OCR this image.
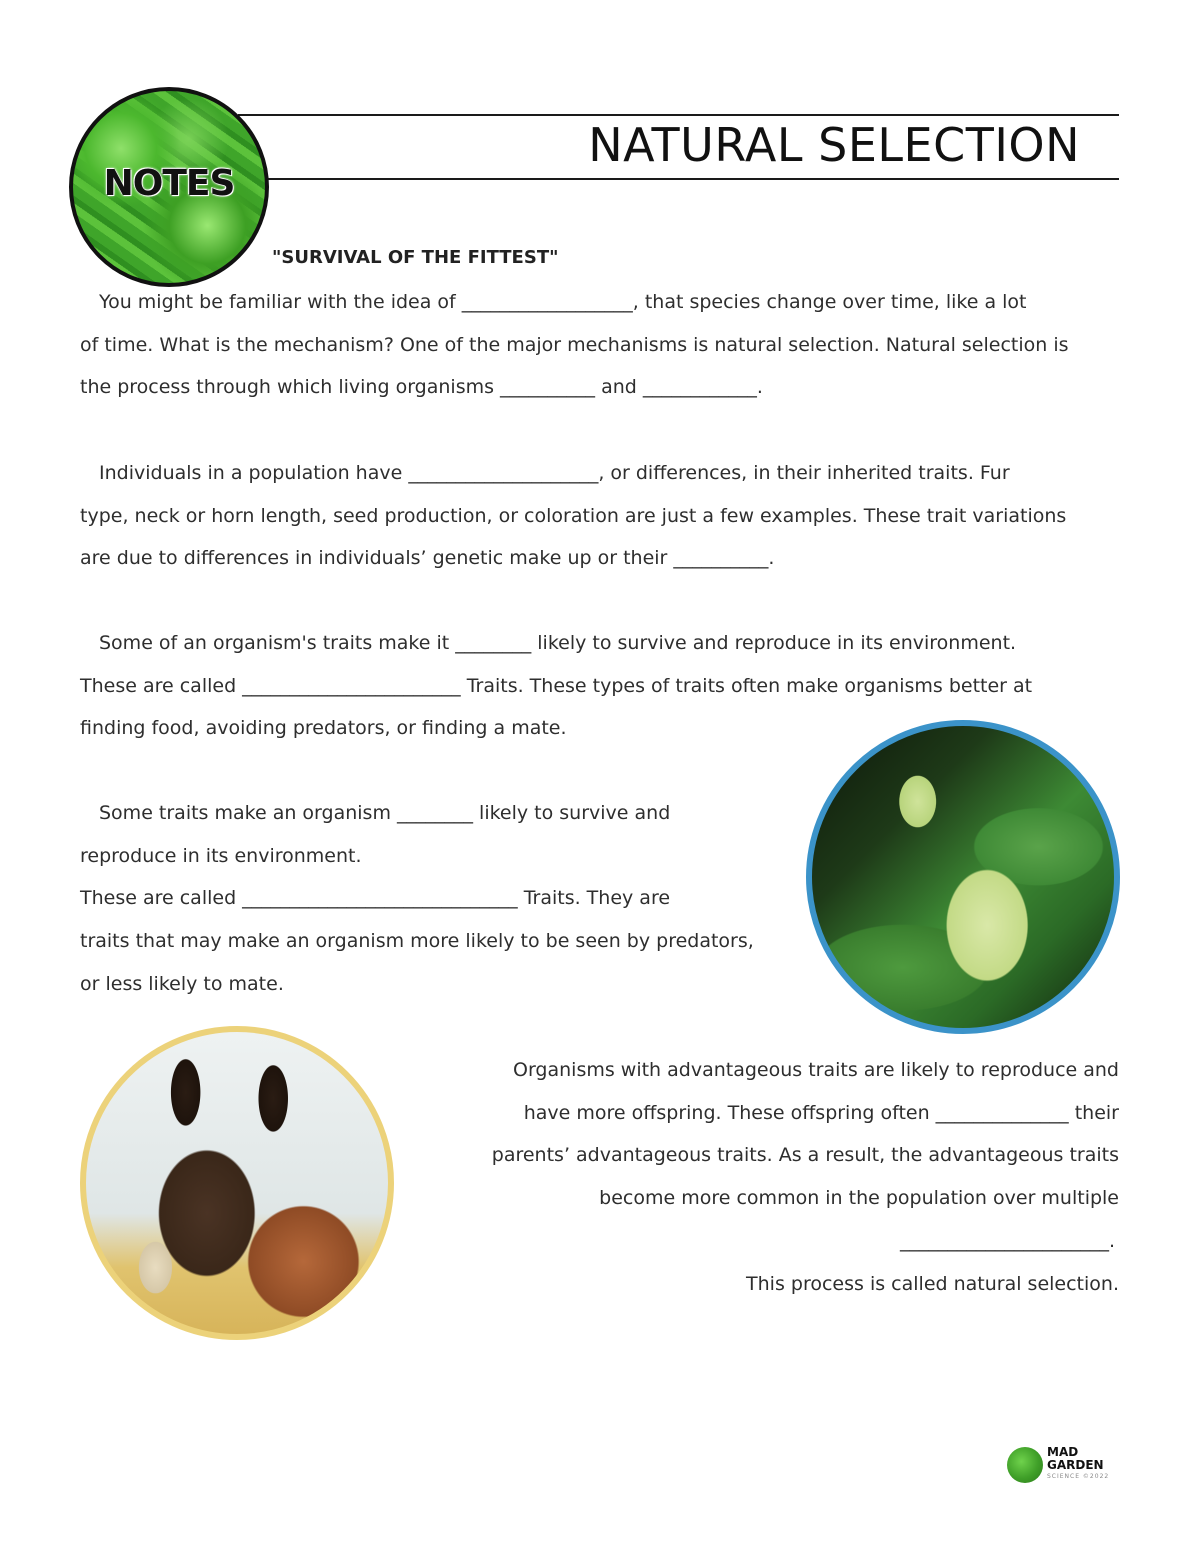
NATURAL SELECTION
NOTES
"SURVIVAL OF THE FITTEST"
You might be familiar with the idea of __________________, that species change over time, like a lot
of time. What is the mechanism? One of the major mechanisms is natural selection. Natural selection is
the process through which living organisms __________ and ____________.
Individuals in a population have ____________________, or differences, in their inherited traits. Fur
type, neck or horn length, seed production, or coloration are just a few examples. These trait variations
are due to differences in individuals’ genetic make up or their __________.
Some of an organism's traits make it ________ likely to survive and reproduce in its environment.
These are called _______________________ Traits. These types of traits often make organisms better at
finding food, avoiding predators, or finding a mate.
Some traits make an organism ________ likely to survive and
reproduce in its environment.
These are called _____________________________ Traits. They are
traits that may make an organism more likely to be seen by predators,
or less likely to mate.
Organisms with advantageous traits are likely to reproduce and
have more offspring. These offspring often ______________ their
parents’ advantageous traits. As a result, the advantageous traits
become more common in the population over multiple
______________________.
This process is called natural selection.
MAD
GARDEN
SCIENCE ©2022
